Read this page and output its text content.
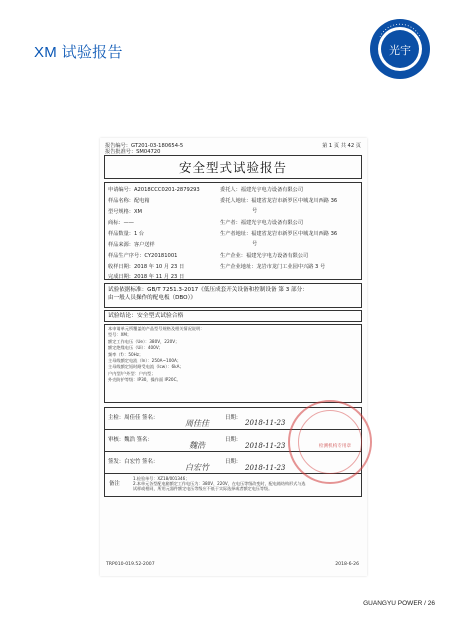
XM 试验报告	光宇
报告编号：GT201-03-180654-5
报告批准号：SM04720
第 1 页 共 42 页
安全型式试验报告
申请编号：A2018CCC0201-2879293
样品名称：配电箱
型号规格：XM
商标：——
样品数量：1 台
样品来源：客户送样
样品生产序号：CY20181001
收样日期：2018 年 10 月 23 日
完成日期：2018 年 11 月 23 日
委托人：福建光宇电力设备有限公司
委托人地址：福建省龙岩市新罗区中城龙川西路 36
号
生产者：福建光宇电力设备有限公司
生产者地址：福建省龙岩市新罗区中城龙川西路 36
号
生产企业：福建光宇电力设备有限公司
生产企业地址：龙岩市龙门工业园中兴路 3 号
试验依据标准：GB/T 7251.3-2017《低压成套开关设备和控制设备 第 3 部分：
由一般人员操作的配电板（DBO）》
试验结论：安全型式试验合格
本申请单元所覆盖的产品型号规格及相关情况说明：
型号：XM；
额定工作电压（Ue）：380V，220V；
额定绝缘电压（Ui）：400V；
频率（f）：50Hz；
主母线额定电流（In）：250A~100A；
主母线额定短时耐受电流（Icw）：6kA；
户内型/户外型：户内型；
外壳防护等级：IP30，操作面 IP20C。
主检：周佳佳 签名：
周佳佳
日期：
2018-11-23
审核：魏浩 签名：
魏浩
日期：
2018-11-23
签发：白宏竹 签名：
白宏竹
日期：
2018-11-23
备注
1.检验单号：XZ18/001346；
2.本单元各型配电箱额定工作电压为：380V、220V，在电压等级改变时，配电箱结构形式与选
试样或相同，所用元器件额定电压等级应不低于实际选择或者额定电压等级。
检测机构专用章
TRP010-019.52-2007	2018-6-26
GUANGYU POWER / 26
